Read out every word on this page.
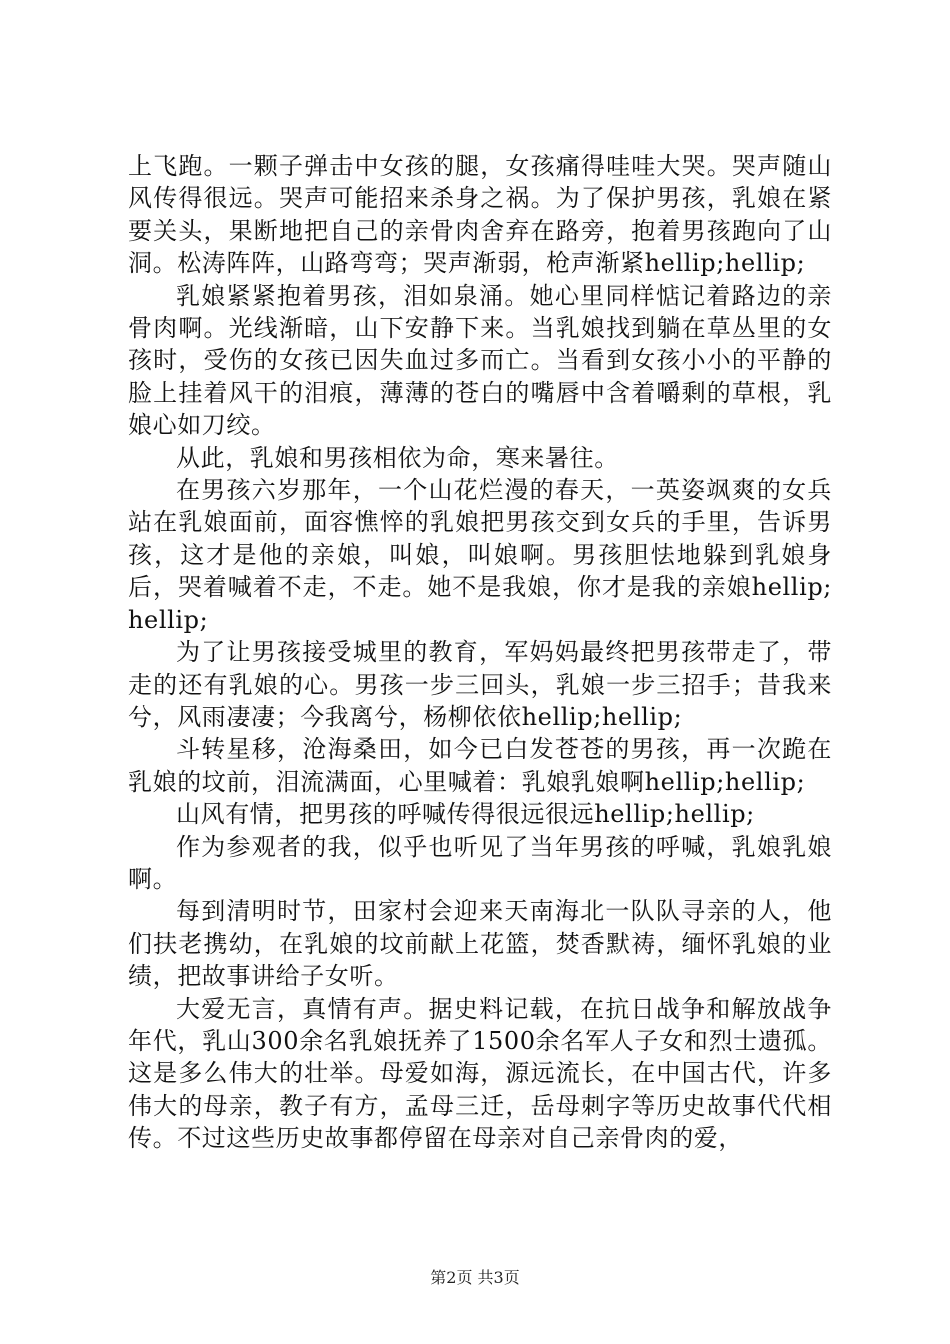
上飞跑。一颗子弹击中女孩的腿，女孩痛得哇哇大哭。哭声随山风传得很远。哭声可能招来杀身之祸。为了保护男孩，乳娘在紧要关头，果断地把自己的亲骨肉舍弃在路旁，抱着男孩跑向了山洞。松涛阵阵，山路弯弯；哭声渐弱，枪声渐紧hellip;hellip;

乳娘紧紧抱着男孩，泪如泉涌。她心里同样惦记着路边的亲骨肉啊。光线渐暗，山下安静下来。当乳娘找到躺在草丛里的女孩时，受伤的女孩已因失血过多而亡。当看到女孩小小的平静的脸上挂着风干的泪痕，薄薄的苍白的嘴唇中含着嚼剩的草根，乳娘心如刀绞。

从此，乳娘和男孩相依为命，寒来暑往。

在男孩六岁那年，一个山花烂漫的春天，一英姿飒爽的女兵站在乳娘面前，面容憔悴的乳娘把男孩交到女兵的手里，告诉男孩，这才是他的亲娘，叫娘，叫娘啊。男孩胆怯地躲到乳娘身后，哭着喊着不走，不走。她不是我娘，你才是我的亲娘hellip;hellip;

为了让男孩接受城里的教育，军妈妈最终把男孩带走了，带走的还有乳娘的心。男孩一步三回头，乳娘一步三招手；昔我来兮，风雨凄凄；今我离兮，杨柳依依hellip;hellip;

斗转星移，沧海桑田，如今已白发苍苍的男孩，再一次跪在乳娘的坟前，泪流满面，心里喊着：乳娘乳娘啊hellip;hellip;

山风有情，把男孩的呼喊传得很远很远hellip;hellip;

作为参观者的我，似乎也听见了当年男孩的呼喊，乳娘乳娘啊。

每到清明时节，田家村会迎来天南海北一队队寻亲的人，他们扶老携幼，在乳娘的坟前献上花篮，焚香默祷，缅怀乳娘的业绩，把故事讲给子女听。

大爱无言，真情有声。据史料记载，在抗日战争和解放战争年代，乳山300余名乳娘抚养了1500余名军人子女和烈士遗孤。这是多么伟大的壮举。母爱如海，源远流长，在中国古代，许多伟大的母亲，教子有方，孟母三迁，岳母刺字等历史故事代代相传。不过这些历史故事都停留在母亲对自己亲骨肉的爱，

第2页 共3页
